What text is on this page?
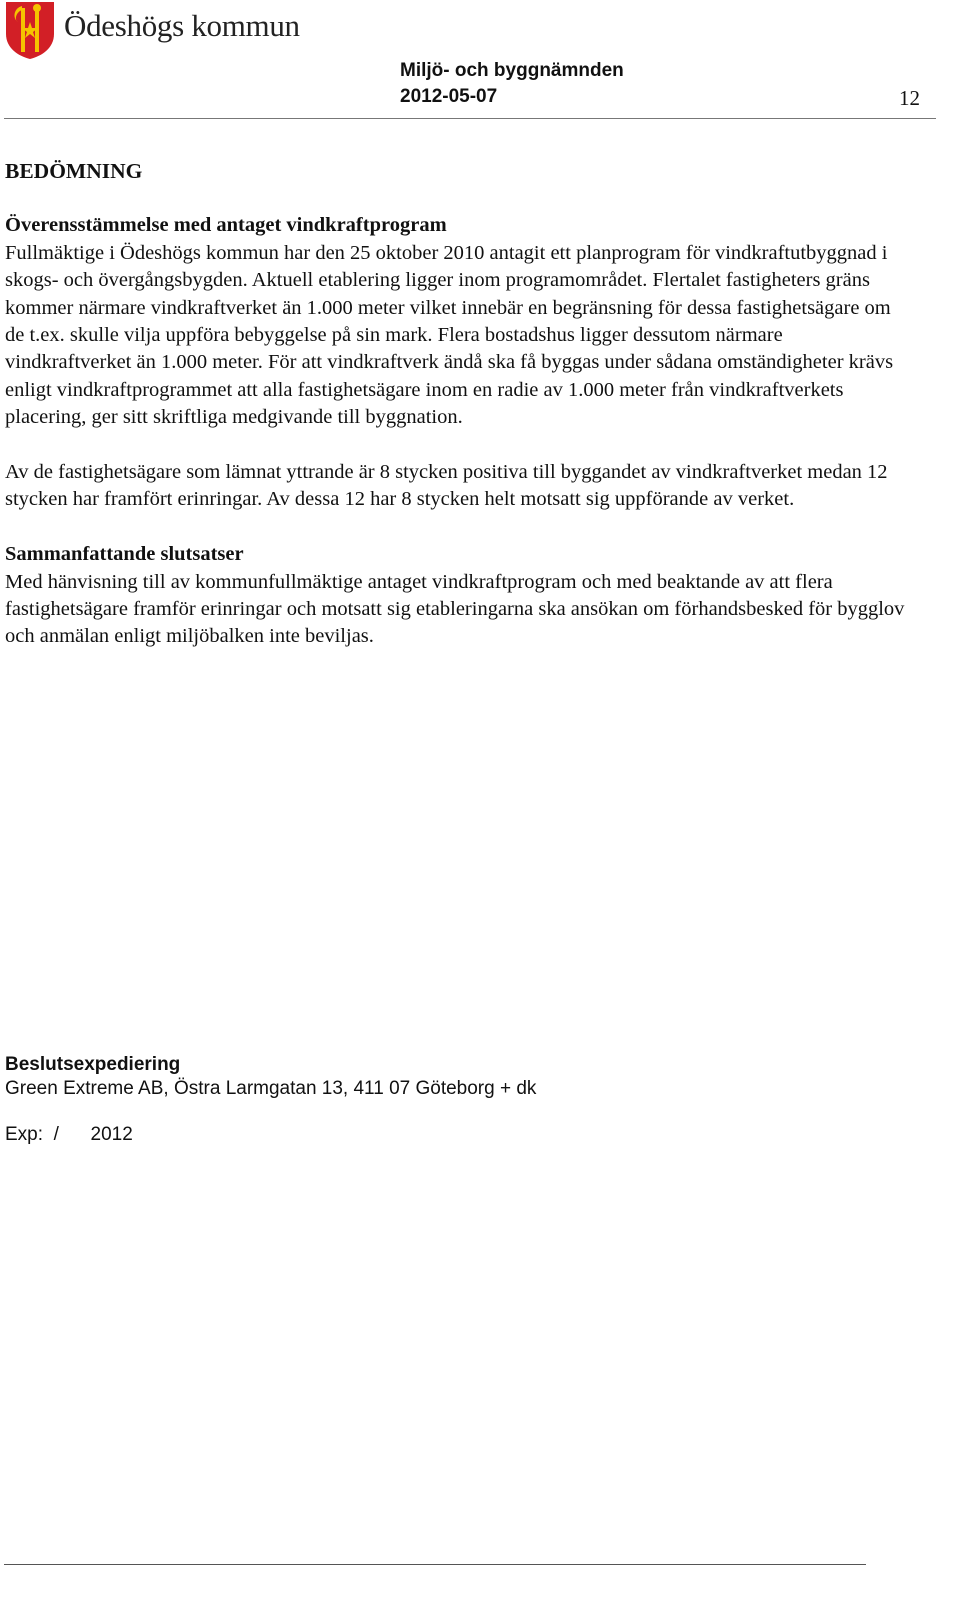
Ödeshögs kommun
Miljö- och byggnämnden
2012-05-07	12

BEDÖMNING

Överensstämmelse med antaget vindkraftprogram

Fullmäktige i Ödeshögs kommun har den 25 oktober 2010 antagit ett planprogram för vindkraftutbyggnad i skogs- och övergångsbygden. Aktuell etablering ligger inom programområdet. Flertalet fastigheters gräns kommer närmare vindkraftverket än 1.000 meter vilket innebär en begränsning för dessa fastighetsägare om de t.ex. skulle vilja uppföra bebyggelse på sin mark. Flera bostadshus ligger dessutom närmare vindkraftverket än 1.000 meter. För att vindkraftverk ändå ska få byggas under sådana omständigheter krävs enligt vindkraftprogrammet att alla fastighetsägare inom en radie av 1.000 meter från vindkraftverkets placering, ger sitt skriftliga medgivande till byggnation.

Av de fastighetsägare som lämnat yttrande är 8 stycken positiva till byggandet av vindkraftverket medan 12 stycken har framfört erinringar. Av dessa 12 har 8 stycken helt motsatt sig uppförande av verket.

Sammanfattande slutsatser

Med hänvisning till av kommunfullmäktige antaget vindkraftprogram och med beaktande av att flera fastighetsägare framför erinringar och motsatt sig etableringarna ska ansökan om förhandsbesked för bygglov och anmälan enligt miljöbalken inte beviljas.

Beslutsexpediering

Green Extreme AB, Östra Larmgatan 13, 411 07 Göteborg + dk

Exp:  /      2012
